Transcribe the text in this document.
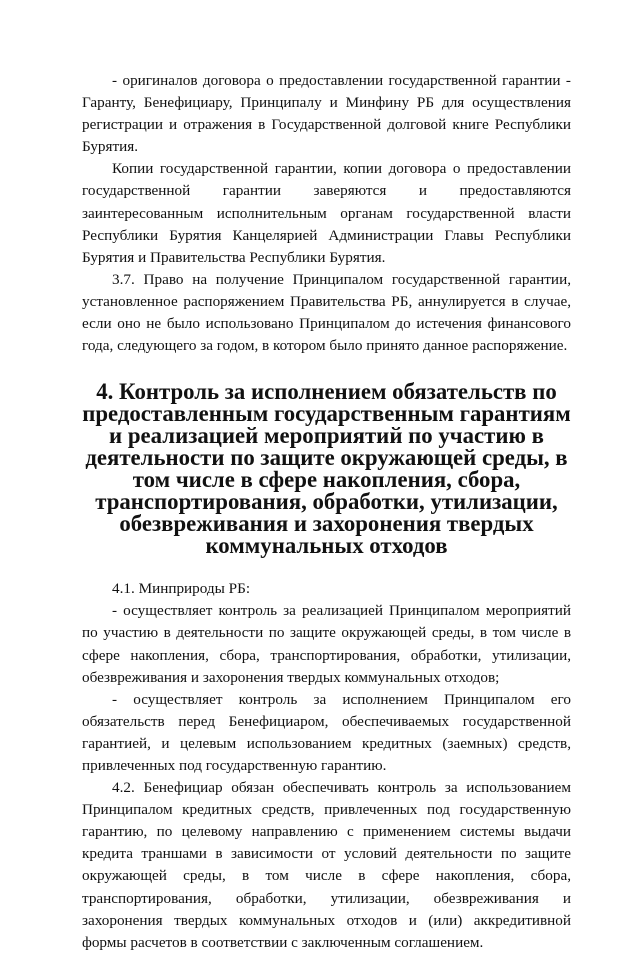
- оригиналов договора о предоставлении государственной гарантии - Гаранту, Бенефициару, Принципалу и Минфину РБ для осуществления регистрации и отражения в Государственной долговой книге Республики Бурятия.

Копии государственной гарантии, копии договора о предоставлении государственной гарантии заверяются и предоставляются заинтересованным исполнительным органам государственной власти Республики Бурятия Канцелярией Администрации Главы Республики Бурятия и Правительства Республики Бурятия.

3.7. Право на получение Принципалом государственной гарантии, установленное распоряжением Правительства РБ, аннулируется в случае, если оно не было использовано Принципалом до истечения финансового года, следующего за годом, в котором было принято данное распоряжение.

4. Контроль за исполнением обязательств по предоставленным государственным гарантиям и реализацией мероприятий по участию в деятельности по защите окружающей среды, в том числе в сфере накопления, сбора, транспортирования, обработки, утилизации, обезвреживания и захоронения твердых коммунальных отходов

4.1. Минприроды РБ:

- осуществляет контроль за реализацией Принципалом мероприятий по участию в деятельности по защите окружающей среды, в том числе в сфере накопления, сбора, транспортирования, обработки, утилизации, обезвреживания и захоронения твердых коммунальных отходов;

- осуществляет контроль за исполнением Принципалом его обязательств перед Бенефициаром, обеспечиваемых государственной гарантией, и целевым использованием кредитных (заемных) средств, привлеченных под государственную гарантию.

4.2. Бенефициар обязан обеспечивать контроль за использованием Принципалом кредитных средств, привлеченных под государственную гарантию, по целевому направлению с применением системы выдачи кредита траншами в зависимости от условий деятельности по защите окружающей среды, в том числе в сфере накопления, сбора, транспортирования, обработки, утилизации, обезвреживания и захоронения твердых коммунальных отходов и (или) аккредитивной формы расчетов в соответствии с заключенным соглашением.
